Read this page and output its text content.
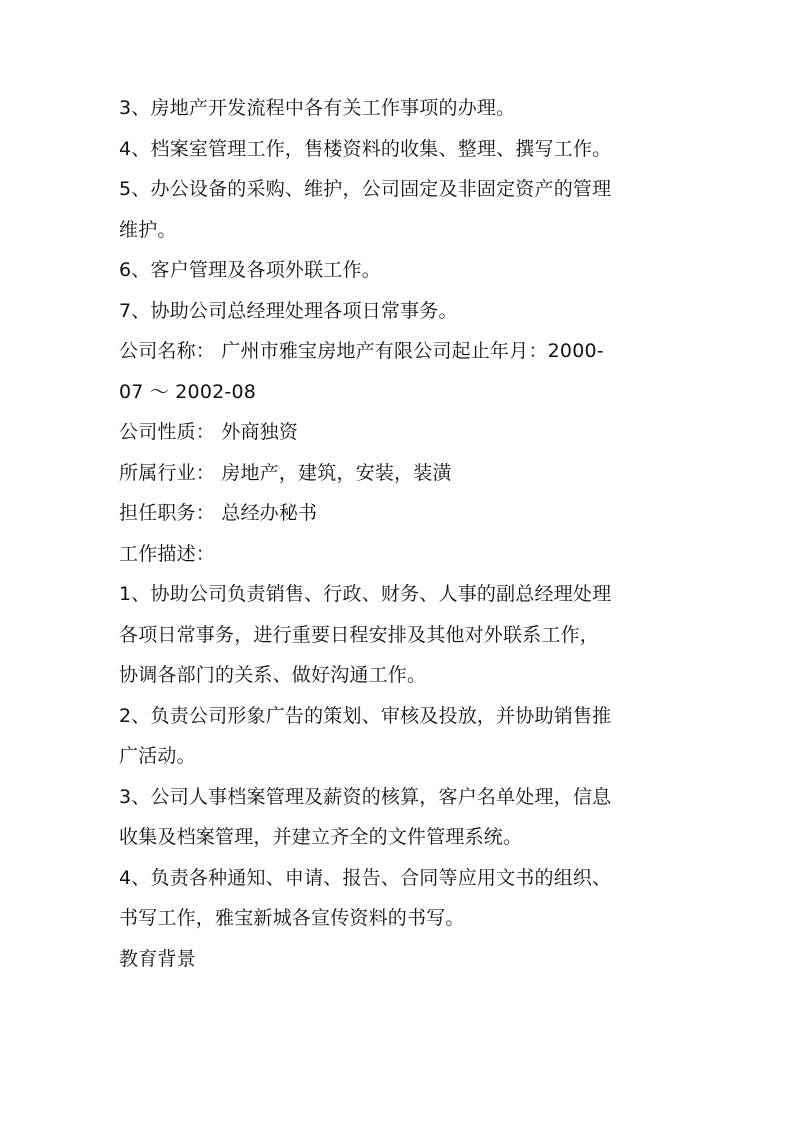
3、房地产开发流程中各有关工作事项的办理。
4、档案室管理工作，售楼资料的收集、整理、撰写工作。
5、办公设备的采购、维护，公司固定及非固定资产的管理
维护。
6、客户管理及各项外联工作。
7、协助公司总经理处理各项日常事务。
公司名称： 广州市雅宝房地产有限公司起止年月：2000-
07 ～ 2002-08
公司性质： 外商独资
所属行业： 房地产，建筑，安装，装潢
担任职务： 总经办秘书
工作描述：
1、协助公司负责销售、行政、财务、人事的副总经理处理
各项日常事务，进行重要日程安排及其他对外联系工作，
协调各部门的关系、做好沟通工作。
2、负责公司形象广告的策划、审核及投放，并协助销售推
广活动。
3、公司人事档案管理及薪资的核算，客户名单处理，信息
收集及档案管理，并建立齐全的文件管理系统。
4、负责各种通知、申请、报告、合同等应用文书的组织、
书写工作，雅宝新城各宣传资料的书写。
教育背景
